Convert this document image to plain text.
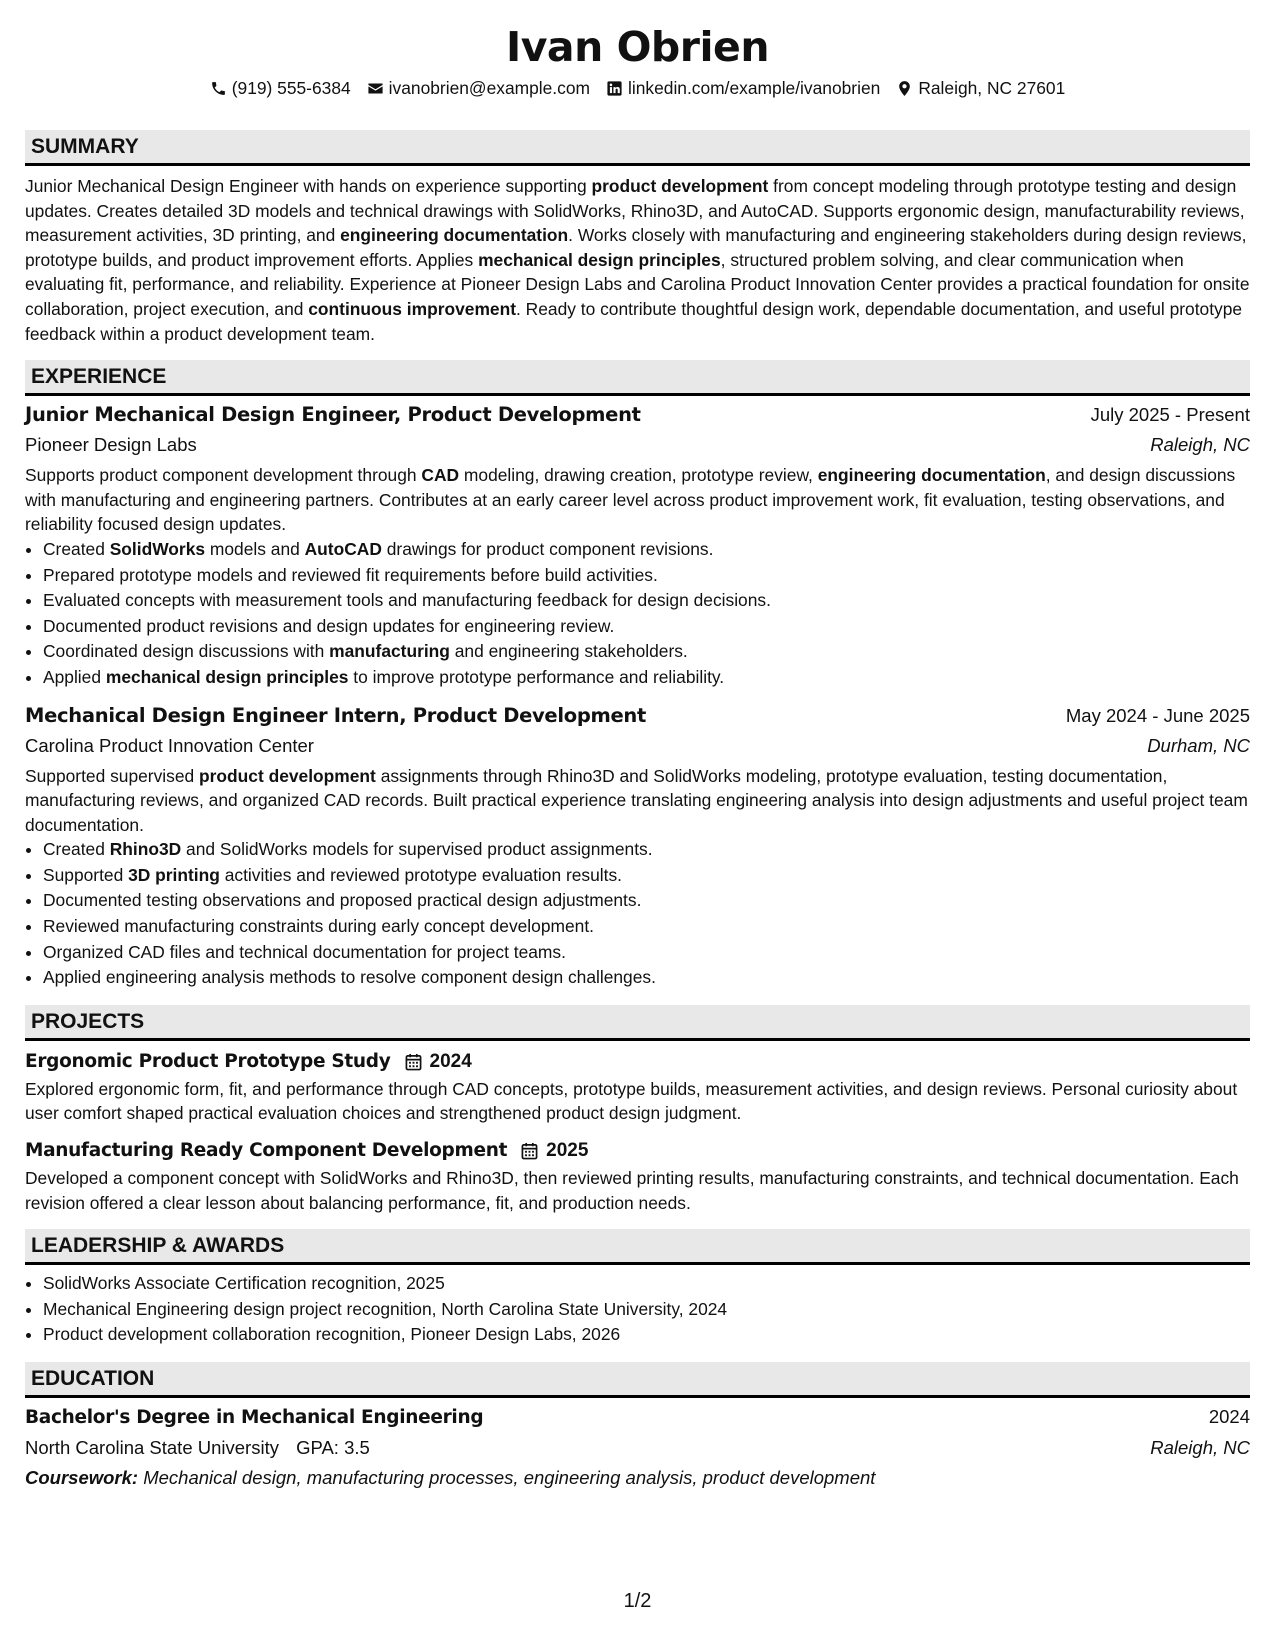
Ivan Obrien
(919) 555-6384 ivanobrien@example.com linkedin.com/example/ivanobrien Raleigh, NC 27601
SUMMARY

Junior Mechanical Design Engineer with hands on experience supporting product development from concept modeling through prototype testing and design updates. Creates detailed 3D models and technical drawings with SolidWorks, Rhino3D, and AutoCAD. Supports ergonomic design, manufacturability reviews, measurement activities, 3D printing, and engineering documentation. Works closely with manufacturing and engineering stakeholders during design reviews, prototype builds, and product improvement efforts. Applies mechanical design principles, structured problem solving, and clear communication when evaluating fit, performance, and reliability. Experience at Pioneer Design Labs and Carolina Product Innovation Center provides a practical foundation for onsite collaboration, project execution, and continuous improvement. Ready to contribute thoughtful design work, dependable documentation, and useful prototype feedback within a product development team.

EXPERIENCE
Junior Mechanical Design Engineer, Product Development	July 2025 - Present
Pioneer Design Labs	Raleigh, NC

Supports product component development through CAD modeling, drawing creation, prototype review, engineering documentation, and design discussions with manufacturing and engineering partners. Contributes at an early career level across product improvement work, fit evaluation, testing observations, and reliability focused design updates.

• Created SolidWorks models and AutoCAD drawings for product component revisions.
• Prepared prototype models and reviewed fit requirements before build activities.
• Evaluated concepts with measurement tools and manufacturing feedback for design decisions.
• Documented product revisions and design updates for engineering review.
• Coordinated design discussions with manufacturing and engineering stakeholders.
• Applied mechanical design principles to improve prototype performance and reliability.
Mechanical Design Engineer Intern, Product Development	May 2024 - June 2025
Carolina Product Innovation Center	Durham, NC

Supported supervised product development assignments through Rhino3D and SolidWorks modeling, prototype evaluation, testing documentation, manufacturing reviews, and organized CAD records. Built practical experience translating engineering analysis into design adjustments and useful project team documentation.

• Created Rhino3D and SolidWorks models for supervised product assignments.
• Supported 3D printing activities and reviewed prototype evaluation results.
• Documented testing observations and proposed practical design adjustments.
• Reviewed manufacturing constraints during early concept development.
• Organized CAD files and technical documentation for project teams.
• Applied engineering analysis methods to resolve component design challenges.
PROJECTS
Ergonomic Product Prototype Study 2024

Explored ergonomic form, fit, and performance through CAD concepts, prototype builds, measurement activities, and design reviews. Personal curiosity about user comfort shaped practical evaluation choices and strengthened product design judgment.

Manufacturing Ready Component Development 2025

Developed a component concept with SolidWorks and Rhino3D, then reviewed printing results, manufacturing constraints, and technical documentation. Each revision offered a clear lesson about balancing performance, fit, and production needs.

LEADERSHIP & AWARDS
• SolidWorks Associate Certification recognition, 2025
• Mechanical Engineering design project recognition, North Carolina State University, 2024
• Product development collaboration recognition, Pioneer Design Labs, 2026
EDUCATION
Bachelor's Degree in Mechanical Engineering	2024
North Carolina State University GPA: 3.5	Raleigh, NC
Coursework: Mechanical design, manufacturing processes, engineering analysis, product development
1/2
